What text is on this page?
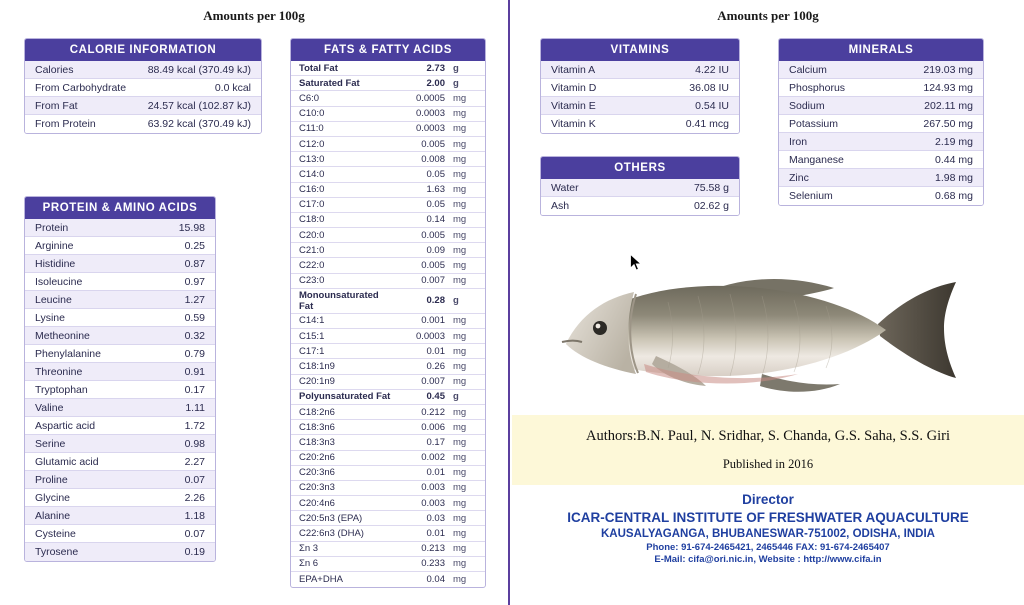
Amounts per 100g
CALORIE INFORMATION
Calories	88.49 kcal (370.49 kJ)
From Carbohydrate	0.0 kcal
From Fat	24.57 kcal (102.87 kJ)
From Protein	63.92 kcal (370.49 kJ)
PROTEIN & AMINO ACIDS
Protein	15.98
Arginine	0.25
Histidine	0.87
Isoleucine	0.97
Leucine	1.27
Lysine	0.59
Metheonine	0.32
Phenylalanine	0.79
Threonine	0.91
Tryptophan	0.17
Valine	1.11
Aspartic acid	1.72
Serine	0.98
Glutamic acid	2.27
Proline	0.07
Glycine	2.26
Alanine	1.18
Cysteine	0.07
Tyrosene	0.19
FATS & FATTY ACIDS
Total Fat	2.73 g
Saturated Fat	2.00 g
C6:0	0.0005 mg
C10:0	0.0003 mg
C11:0	0.0003 mg
C12:0	0.005 mg
C13:0	0.008 mg
C14:0	0.05 mg
C16:0	1.63 mg
C17:0	0.05 mg
C18:0	0.14 mg
C20:0	0.005 mg
C21:0	0.09 mg
C22:0	0.005 mg
C23:0	0.007 mg
Monounsaturated Fat	0.28 g
C14:1	0.001 mg
C15:1	0.0003 mg
C17:1	0.01 mg
C18:1n9	0.26 mg
C20:1n9	0.007 mg
Polyunsaturated Fat	0.45 g
C18:2n6	0.212 mg
C18:3n6	0.006 mg
C18:3n3	0.17 mg
C20:2n6	0.002 mg
C20:3n6	0.01 mg
C20:3n3	0.003 mg
C20:4n6	0.003 mg
C20:5n3 (EPA)	0.03 mg
C22:6n3 (DHA)	0.01 mg
Σn 3	0.213 mg
Σn 6	0.233 mg
EPA+DHA	0.04 mg
Amounts per 100g
VITAMINS
Vitamin A	4.22 IU
Vitamin D	36.08 IU
Vitamin E	0.54 IU
Vitamin K	0.41 mcg
OTHERS
Water	75.58 g
Ash	02.62 g
MINERALS
Calcium	219.03 mg
Phosphorus	124.93 mg
Sodium	202.11 mg
Potassium	267.50 mg
Iron	2.19 mg
Manganese	0.44 mg
Zinc	1.98 mg
Selenium	0.68 mg
Authors:B.N. Paul, N. Sridhar, S. Chanda, G.S. Saha, S.S. Giri
Published in 2016
Director
ICAR-CENTRAL INSTITUTE OF FRESHWATER AQUACULTURE
KAUSALYAGANGA, BHUBANESWAR-751002, ODISHA, INDIA
Phone: 91-674-2465421, 2465446 FAX: 91-674-2465407
E-Mail: cifa@ori.nic.in, Website : http://www.cifa.in
